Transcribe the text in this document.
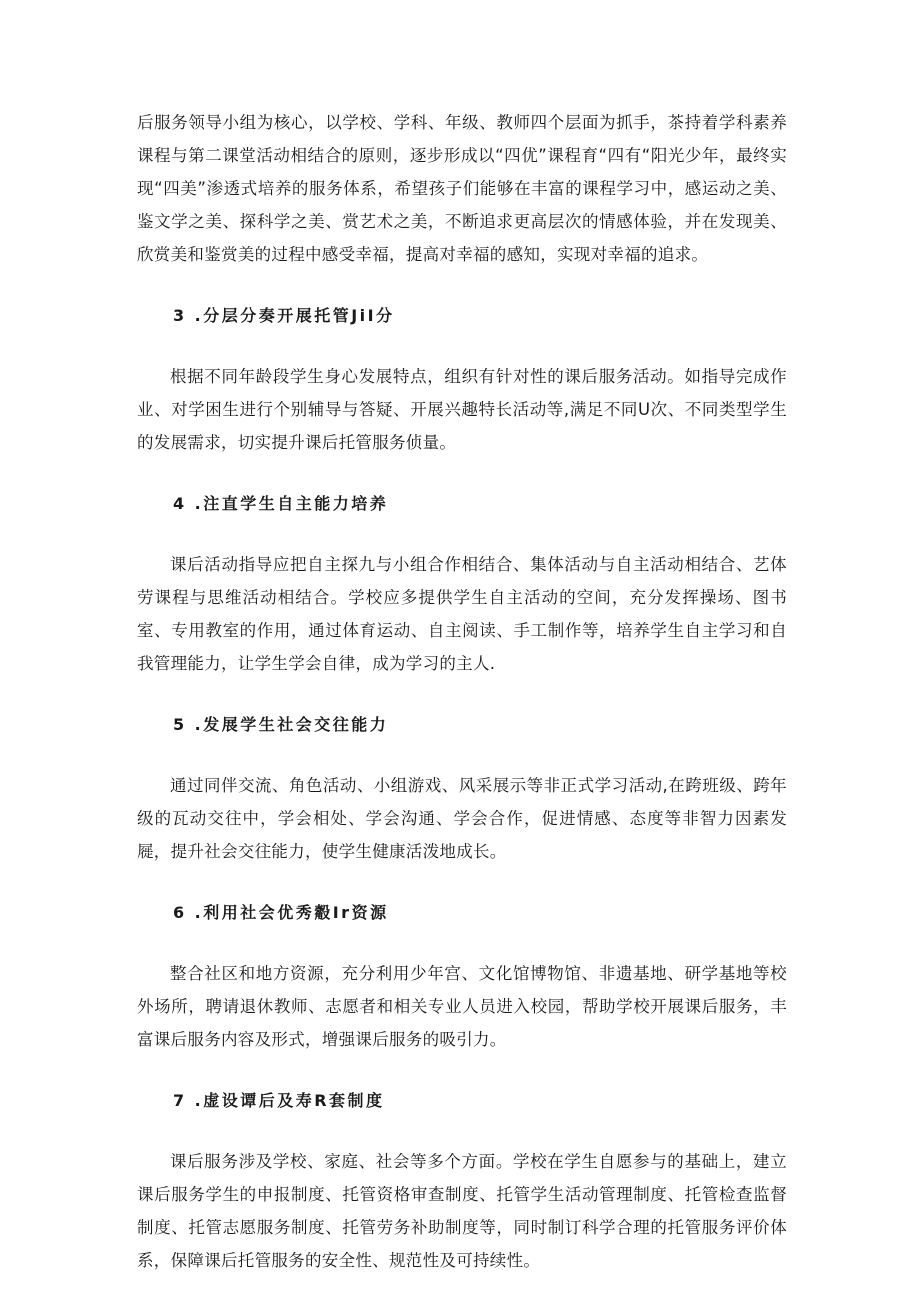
后服务领导小组为核心，以学校、学科、年级、教师四个层面为抓手，茶持着学科素养课程与第二课堂活动相结合的原则，逐步形成以“四优”课程育“四有“阳光少年，最终实现“四美”渗透式培养的服务体系，希望孩子们能够在丰富的课程学习中，感运动之美、鉴文学之美、探科学之美、赏艺术之美，不断追求更高层次的情感体验，并在发现美、欣赏美和鉴赏美的过程中感受幸福，提高对幸福的感知，实现对幸福的追求。

3 .分层分奏开展托管JiI分

根据不同年龄段学生身心发展特点，组织有针对性的课后服务活动。如指导完成作业、对学困生进行个别辅导与答疑、开展兴趣特长活动等,满足不同U次、不同类型学生的发展需求，切实提升课后托管服务侦量。

4 .注直学生自主能力培养

课后活动指导应把自主探九与小组合作相结合、集体活动与自主活动相结合、艺体劳课程与思维活动相结合。学校应多提供学生自主活动的空间，充分发挥操场、图书室、专用教室的作用，通过体育运动、自主阅读、手工制作等，培养学生自主学习和自我管理能力，让学生学会自律，成为学习的主人.

5 .发展学生社会交往能力

通过同伴交流、角色活动、小组游戏、风采展示等非正式学习活动,在跨班级、跨年级的瓦动交往中，学会相处、学会沟通、学会合作，促进情感、态度等非智力因素发屣，提升社会交往能力，使学生健康活泼地成长。

6 .利用社会优秀觳Ir资源

整合社区和地方资源，充分利用少年宫、文化馆博物馆、非遗基地、研学基地等校外场所，聘请退休教师、志愿者和相关专业人员进入校园，帮助学校开展课后服务，丰富课后服务内容及形式，增强课后服务的吸引力。

7 .虚设谭后及寿R套制度

课后服务涉及学校、家庭、社会等多个方面。学校在学生自愿参与的基础上，建立课后服务学生的申报制度、托管资格审查制度、托管学生活动管理制度、托管检查监督制度、托管志愿服务制度、托管劳务补助制度等，同时制订科学合理的托管服务评价体系，保障课后托管服务的安全性、规范性及可持续性。
